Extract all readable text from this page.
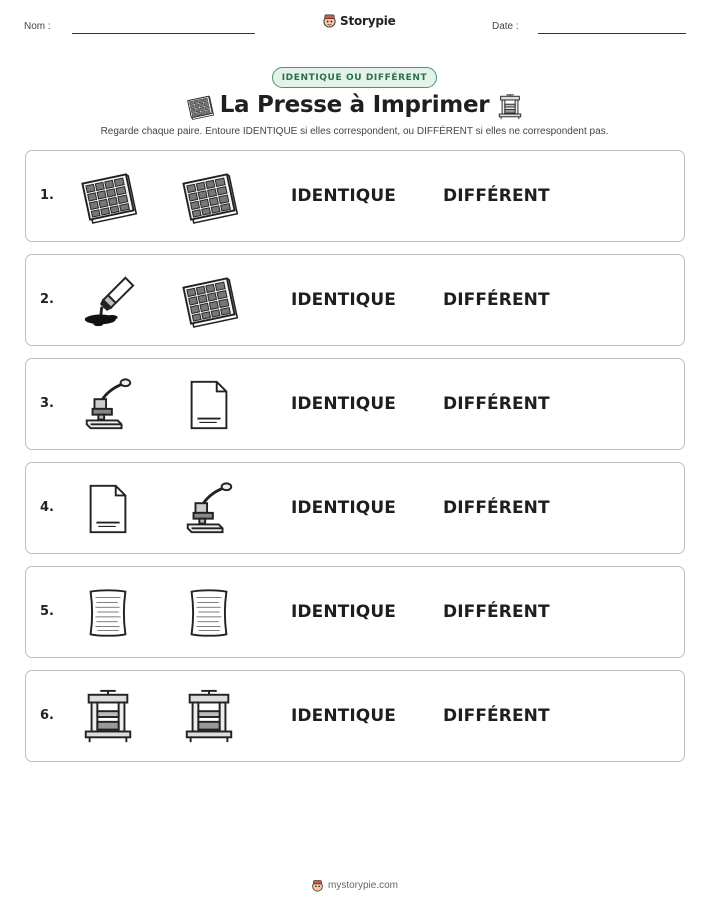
Nom :	Storypie	Date :
IDENTIQUE OU DIFFÉRENT
La Presse à Imprimer
Regarde chaque paire. Entoure IDENTIQUE si elles correspondent, ou DIFFÉRENT si elles ne correspondent pas.
1.	IDENTIQUE	DIFFÉRENT
2.	IDENTIQUE	DIFFÉRENT
3.	IDENTIQUE	DIFFÉRENT
4.	IDENTIQUE	DIFFÉRENT
5.	IDENTIQUE	DIFFÉRENT
6.	IDENTIQUE	DIFFÉRENT
mystorypie.com
